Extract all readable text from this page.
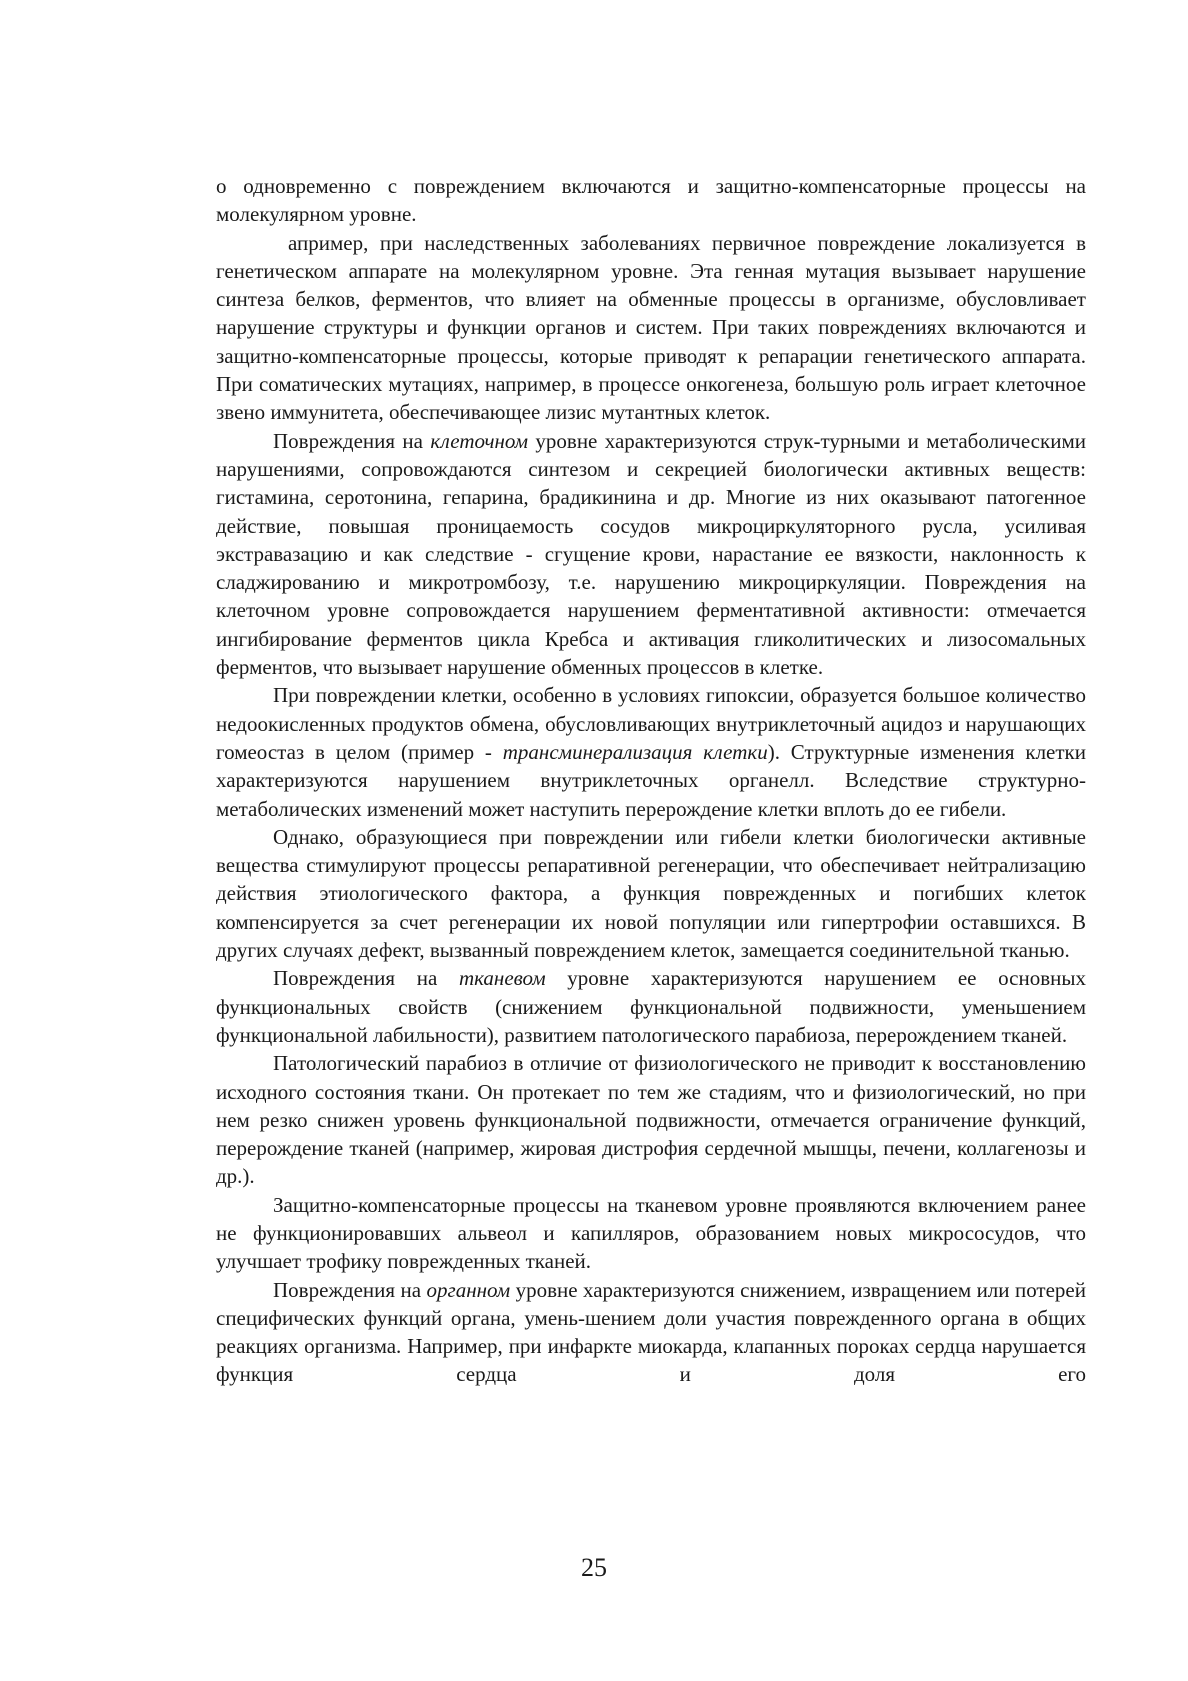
о одновременно с повреждением включаются и защитно-компенсаторные процессы на молекулярном уровне.

апример, при наследственных заболеваниях первичное повреждение локализуется в генетическом аппарате на молекулярном уровне. Эта генная мутация вызывает нарушение синтеза белков, ферментов, что влияет на обменные процессы в организме, обусловливает нарушение структуры и функции органов и систем. При таких повреждениях включаются и защитно-компенсаторные процессы, которые приводят к репарации генетического аппарата. При соматических мутациях, например, в процессе онкогенеза, большую роль играет клеточное звено иммунитета, обеспечивающее лизис мутантных клеток.

Повреждения на клеточном уровне характеризуются струк-турными и метаболическими нарушениями, сопровождаются синтезом и секрецией биологически активных веществ: гистамина, серотонина, гепарина, брадикинина и др. Многие из них оказывают патогенное действие, повышая проницаемость сосудов микроциркуляторного русла, усиливая экстравазацию и как следствие - сгущение крови, нарастание ее вязкости, наклонность к сладжированию и микротромбозу, т.е. нарушению микроциркуляции. Повреждения на клеточном уровне сопровождается нарушением ферментативной активности: отмечается ингибирование ферментов цикла Кребса и активация гликолитических и лизосомальных ферментов, что вызывает нарушение обменных процессов в клетке.

При повреждении клетки, особенно в условиях гипоксии, образуется большое количество недоокисленных продуктов обмена, обусловливающих внутриклеточный ацидоз и нарушающих гомеостаз в целом (пример - трансминерализация клетки). Структурные изменения клетки характеризуются нарушением внутриклеточных органелл. Вследствие структурно-метаболических изменений может наступить перерождение клетки вплоть до ее гибели.

Однако, образующиеся при повреждении или гибели клетки биологически активные вещества стимулируют процессы репаративной регенерации, что обеспечивает нейтрализацию действия этиологического фактора, а функция поврежденных и погибших клеток компенсируется за счет регенерации их новой популяции или гипертрофии оставшихся. В других случаях дефект, вызванный повреждением клеток, замещается соединительной тканью.

Повреждения на тканевом уровне характеризуются нарушением ее основных функциональных свойств (снижением функциональной подвижности, уменьшением функциональной лабильности), развитием патологического парабиоза, перерождением тканей.

Патологический парабиоз в отличие от физиологического не приводит к восстановлению исходного состояния ткани. Он протекает по тем же стадиям, что и физиологический, но при нем резко снижен уровень функциональной подвижности, отмечается ограничение функций, перерождение тканей (например, жировая дистрофия сердечной мышцы, печени, коллагенозы и др.).

Защитно-компенсаторные процессы на тканевом уровне проявляются включением ранее не функционировавших альвеол и капилляров, образованием новых микрососудов, что улучшает трофику поврежденных тканей.

Повреждения на органном уровне характеризуются снижением, извращением или потерей специфических функций органа, умень-шением доли участия поврежденного органа в общих реакциях организма. Например, при инфаркте миокарда, клапанных пороках сердца нарушается функция сердца и доля его

25
